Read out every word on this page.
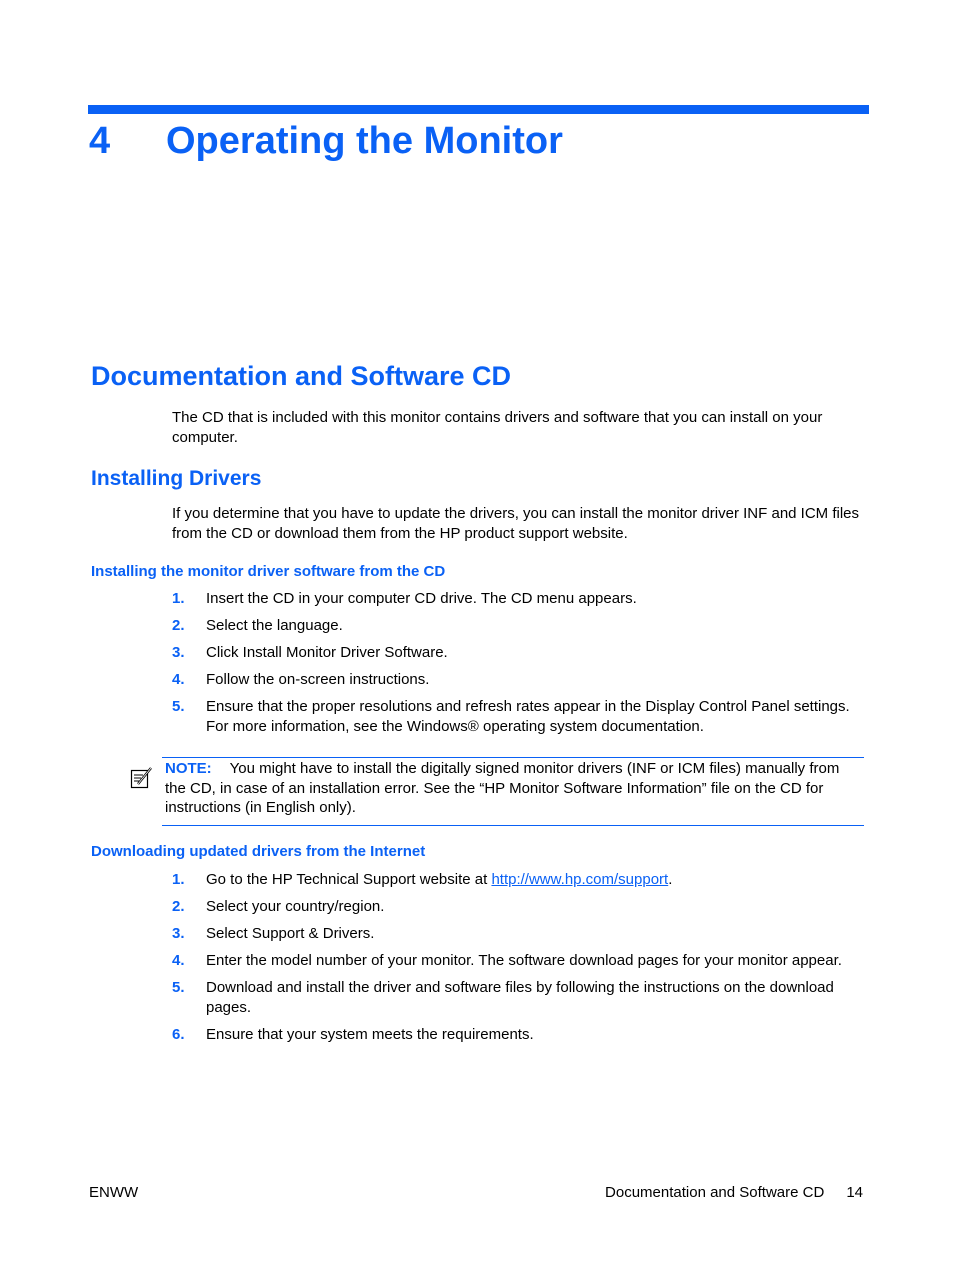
4 Operating the Monitor
Documentation and Software CD
The CD that is included with this monitor contains drivers and software that you can install on your computer.
Installing Drivers
If you determine that you have to update the drivers, you can install the monitor driver INF and ICM files from the CD or download them from the HP product support website.
Installing the monitor driver software from the CD
1. Insert the CD in your computer CD drive. The CD menu appears.
2. Select the language.
3. Click Install Monitor Driver Software.
4. Follow the on-screen instructions.
5. Ensure that the proper resolutions and refresh rates appear in the Display Control Panel settings. For more information, see the Windows® operating system documentation.
NOTE: You might have to install the digitally signed monitor drivers (INF or ICM files) manually from the CD, in case of an installation error. See the “HP Monitor Software Information” file on the CD for instructions (in English only).
Downloading updated drivers from the Internet
1. Go to the HP Technical Support website at http://www.hp.com/support.
2. Select your country/region.
3. Select Support & Drivers.
4. Enter the model number of your monitor. The software download pages for your monitor appear.
5. Download and install the driver and software files by following the instructions on the download pages.
6. Ensure that your system meets the requirements.
ENWW	Documentation and Software CD 14
